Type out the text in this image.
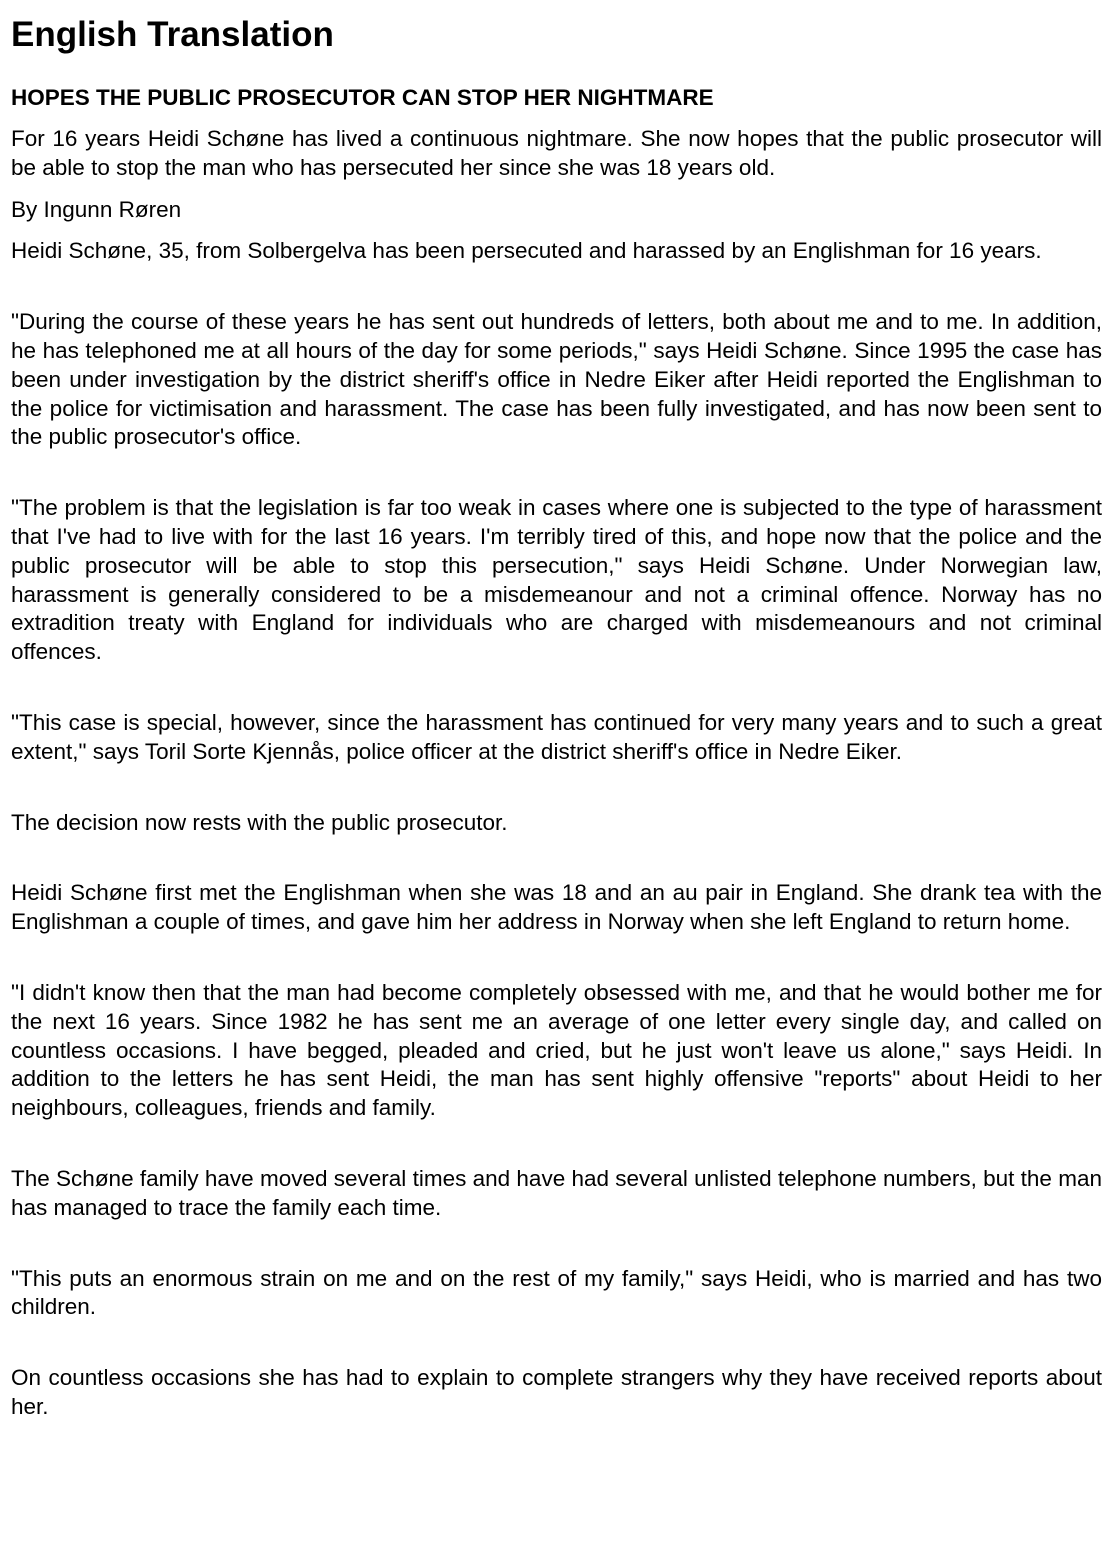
English Translation
HOPES THE PUBLIC PROSECUTOR CAN STOP HER NIGHTMARE

For 16 years Heidi Schøne has lived a continuous nightmare. She now hopes that the public prosecutor will be able to stop the man who has persecuted her since she was 18 years old.

By Ingunn Røren

Heidi Schøne, 35, from Solbergelva has been persecuted and harassed by an Englishman for 16 years.

"During the course of these years he has sent out hundreds of letters, both about me and to me. In addition, he has telephoned me at all hours of the day for some periods," says Heidi Schøne. Since 1995 the case has been under investigation by the district sheriff's office in Nedre Eiker after Heidi reported the Englishman to the police for victimisation and harassment. The case has been fully investigated, and has now been sent to the public prosecutor's office.

"The problem is that the legislation is far too weak in cases where one is subjected to the type of harassment that I've had to live with for the last 16 years. I'm terribly tired of this, and hope now that the police and the public prosecutor will be able to stop this persecution," says Heidi Schøne. Under Norwegian law, harassment is generally considered to be a misdemeanour and not a criminal offence. Norway has no extradition treaty with England for individuals who are charged with misdemeanours and not criminal offences.

"This case is special, however, since the harassment has continued for very many years and to such a great extent," says Toril Sorte Kjennås, police officer at the district sheriff's office in Nedre Eiker.

The decision now rests with the public prosecutor.

Heidi Schøne first met the Englishman when she was 18 and an au pair in England. She drank tea with the Englishman a couple of times, and gave him her address in Norway when she left England to return home.

"I didn't know then that the man had become completely obsessed with me, and that he would bother me for the next 16 years. Since 1982 he has sent me an average of one letter every single day, and called on countless occasions. I have begged, pleaded and cried, but he just won't leave us alone," says Heidi. In addition to the letters he has sent Heidi, the man has sent highly offensive "reports" about Heidi to her neighbours, colleagues, friends and family.

The Schøne family have moved several times and have had several unlisted telephone numbers, but the man has managed to trace the family each time.

"This puts an enormous strain on me and on the rest of my family," says Heidi, who is married and has two children.

On countless occasions she has had to explain to complete strangers why they have received reports about her.
